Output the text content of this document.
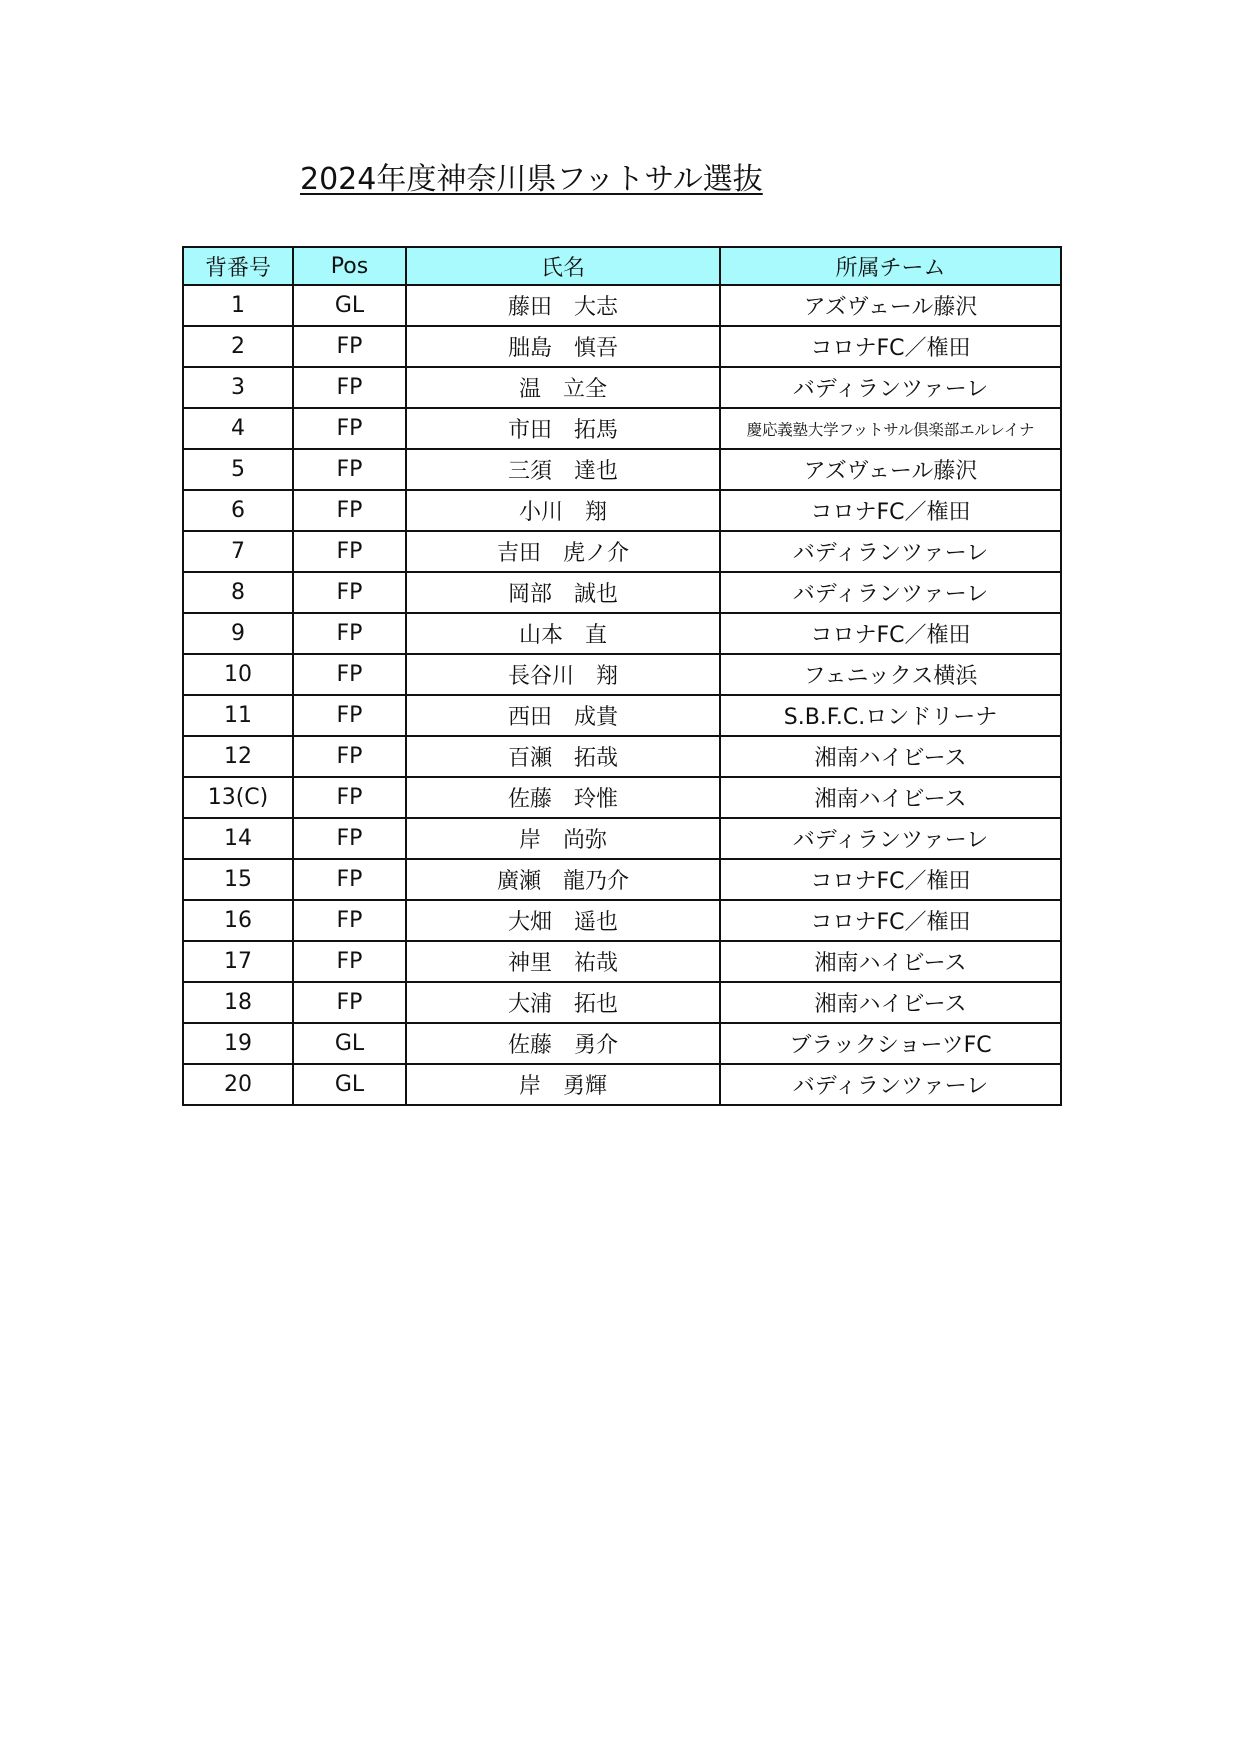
2024年度神奈川県フットサル選抜
背番号	Pos	氏名	所属チーム
1	GL	藤田　大志	アズヴェール藤沢
2	FP	朏島　慎吾	コロナFC／権田
3	FP	温　立全	バディランツァーレ
4	FP	市田　拓馬	慶応義塾大学フットサル倶楽部エルレイナ
5	FP	三須　達也	アズヴェール藤沢
6	FP	小川　翔	コロナFC／権田
7	FP	吉田　虎ノ介	バディランツァーレ
8	FP	岡部　誠也	バディランツァーレ
9	FP	山本　直	コロナFC／権田
10	FP	長谷川　翔	フェニックス横浜
11	FP	西田　成貴	S.B.F.C.ロンドリーナ
12	FP	百瀬　拓哉	湘南ハイビース
13(C)	FP	佐藤　玲惟	湘南ハイビース
14	FP	岸　尚弥	バディランツァーレ
15	FP	廣瀬　龍乃介	コロナFC／権田
16	FP	大畑　遥也	コロナFC／権田
17	FP	神里　祐哉	湘南ハイビース
18	FP	大浦　拓也	湘南ハイビース
19	GL	佐藤　勇介	ブラックショーツFC
20	GL	岸　勇輝	バディランツァーレ
